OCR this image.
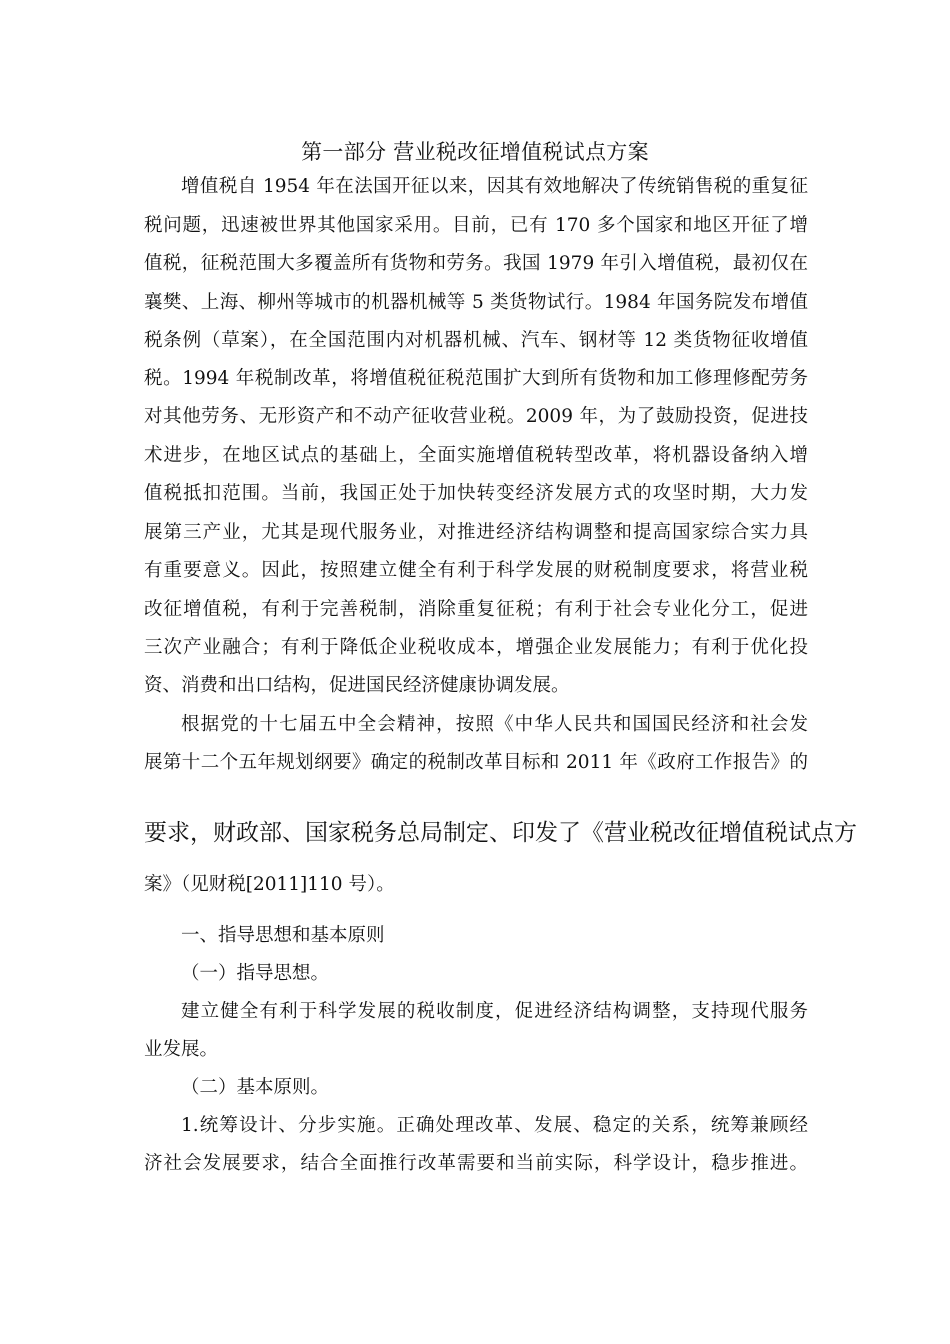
第一部分 营业税改征增值税试点方案
增值税自 1954 年在法国开征以来，因其有效地解决了传统销售税的重复征
税问题，迅速被世界其他国家采用。目前，已有 170 多个国家和地区开征了增
值税，征税范围大多覆盖所有货物和劳务。我国 1979 年引入增值税，最初仅在
襄樊、上海、柳州等城市的机器机械等 5 类货物试行。1984 年国务院发布增值
税条例（草案），在全国范围内对机器机械、汽车、钢材等 12 类货物征收增值
税。1994 年税制改革，将增值税征税范围扩大到所有货物和加工修理修配劳务
对其他劳务、无形资产和不动产征收营业税。2009 年，为了鼓励投资，促进技
术进步，在地区试点的基础上，全面实施增值税转型改革，将机器设备纳入增
值税抵扣范围。当前，我国正处于加快转变经济发展方式的攻坚时期，大力发
展第三产业，尤其是现代服务业，对推进经济结构调整和提高国家综合实力具
有重要意义。因此，按照建立健全有利于科学发展的财税制度要求，将营业税
改征增值税，有利于完善税制，消除重复征税；有利于社会专业化分工，促进
三次产业融合；有利于降低企业税收成本，增强企业发展能力；有利于优化投
资、消费和出口结构，促进国民经济健康协调发展。
根据党的十七届五中全会精神，按照《中华人民共和国国民经济和社会发
展第十二个五年规划纲要》确定的税制改革目标和 2011 年《政府工作报告》的
要求，财政部、国家税务总局制定、印发了《营业税改征增值税试点方
案》（见财税[2011]110 号）。
一、指导思想和基本原则
（一）指导思想。
建立健全有利于科学发展的税收制度，促进经济结构调整，支持现代服务
业发展。
（二）基本原则。
1.统筹设计、分步实施。正确处理改革、发展、稳定的关系，统筹兼顾经
济社会发展要求，结合全面推行改革需要和当前实际，科学设计，稳步推进。
